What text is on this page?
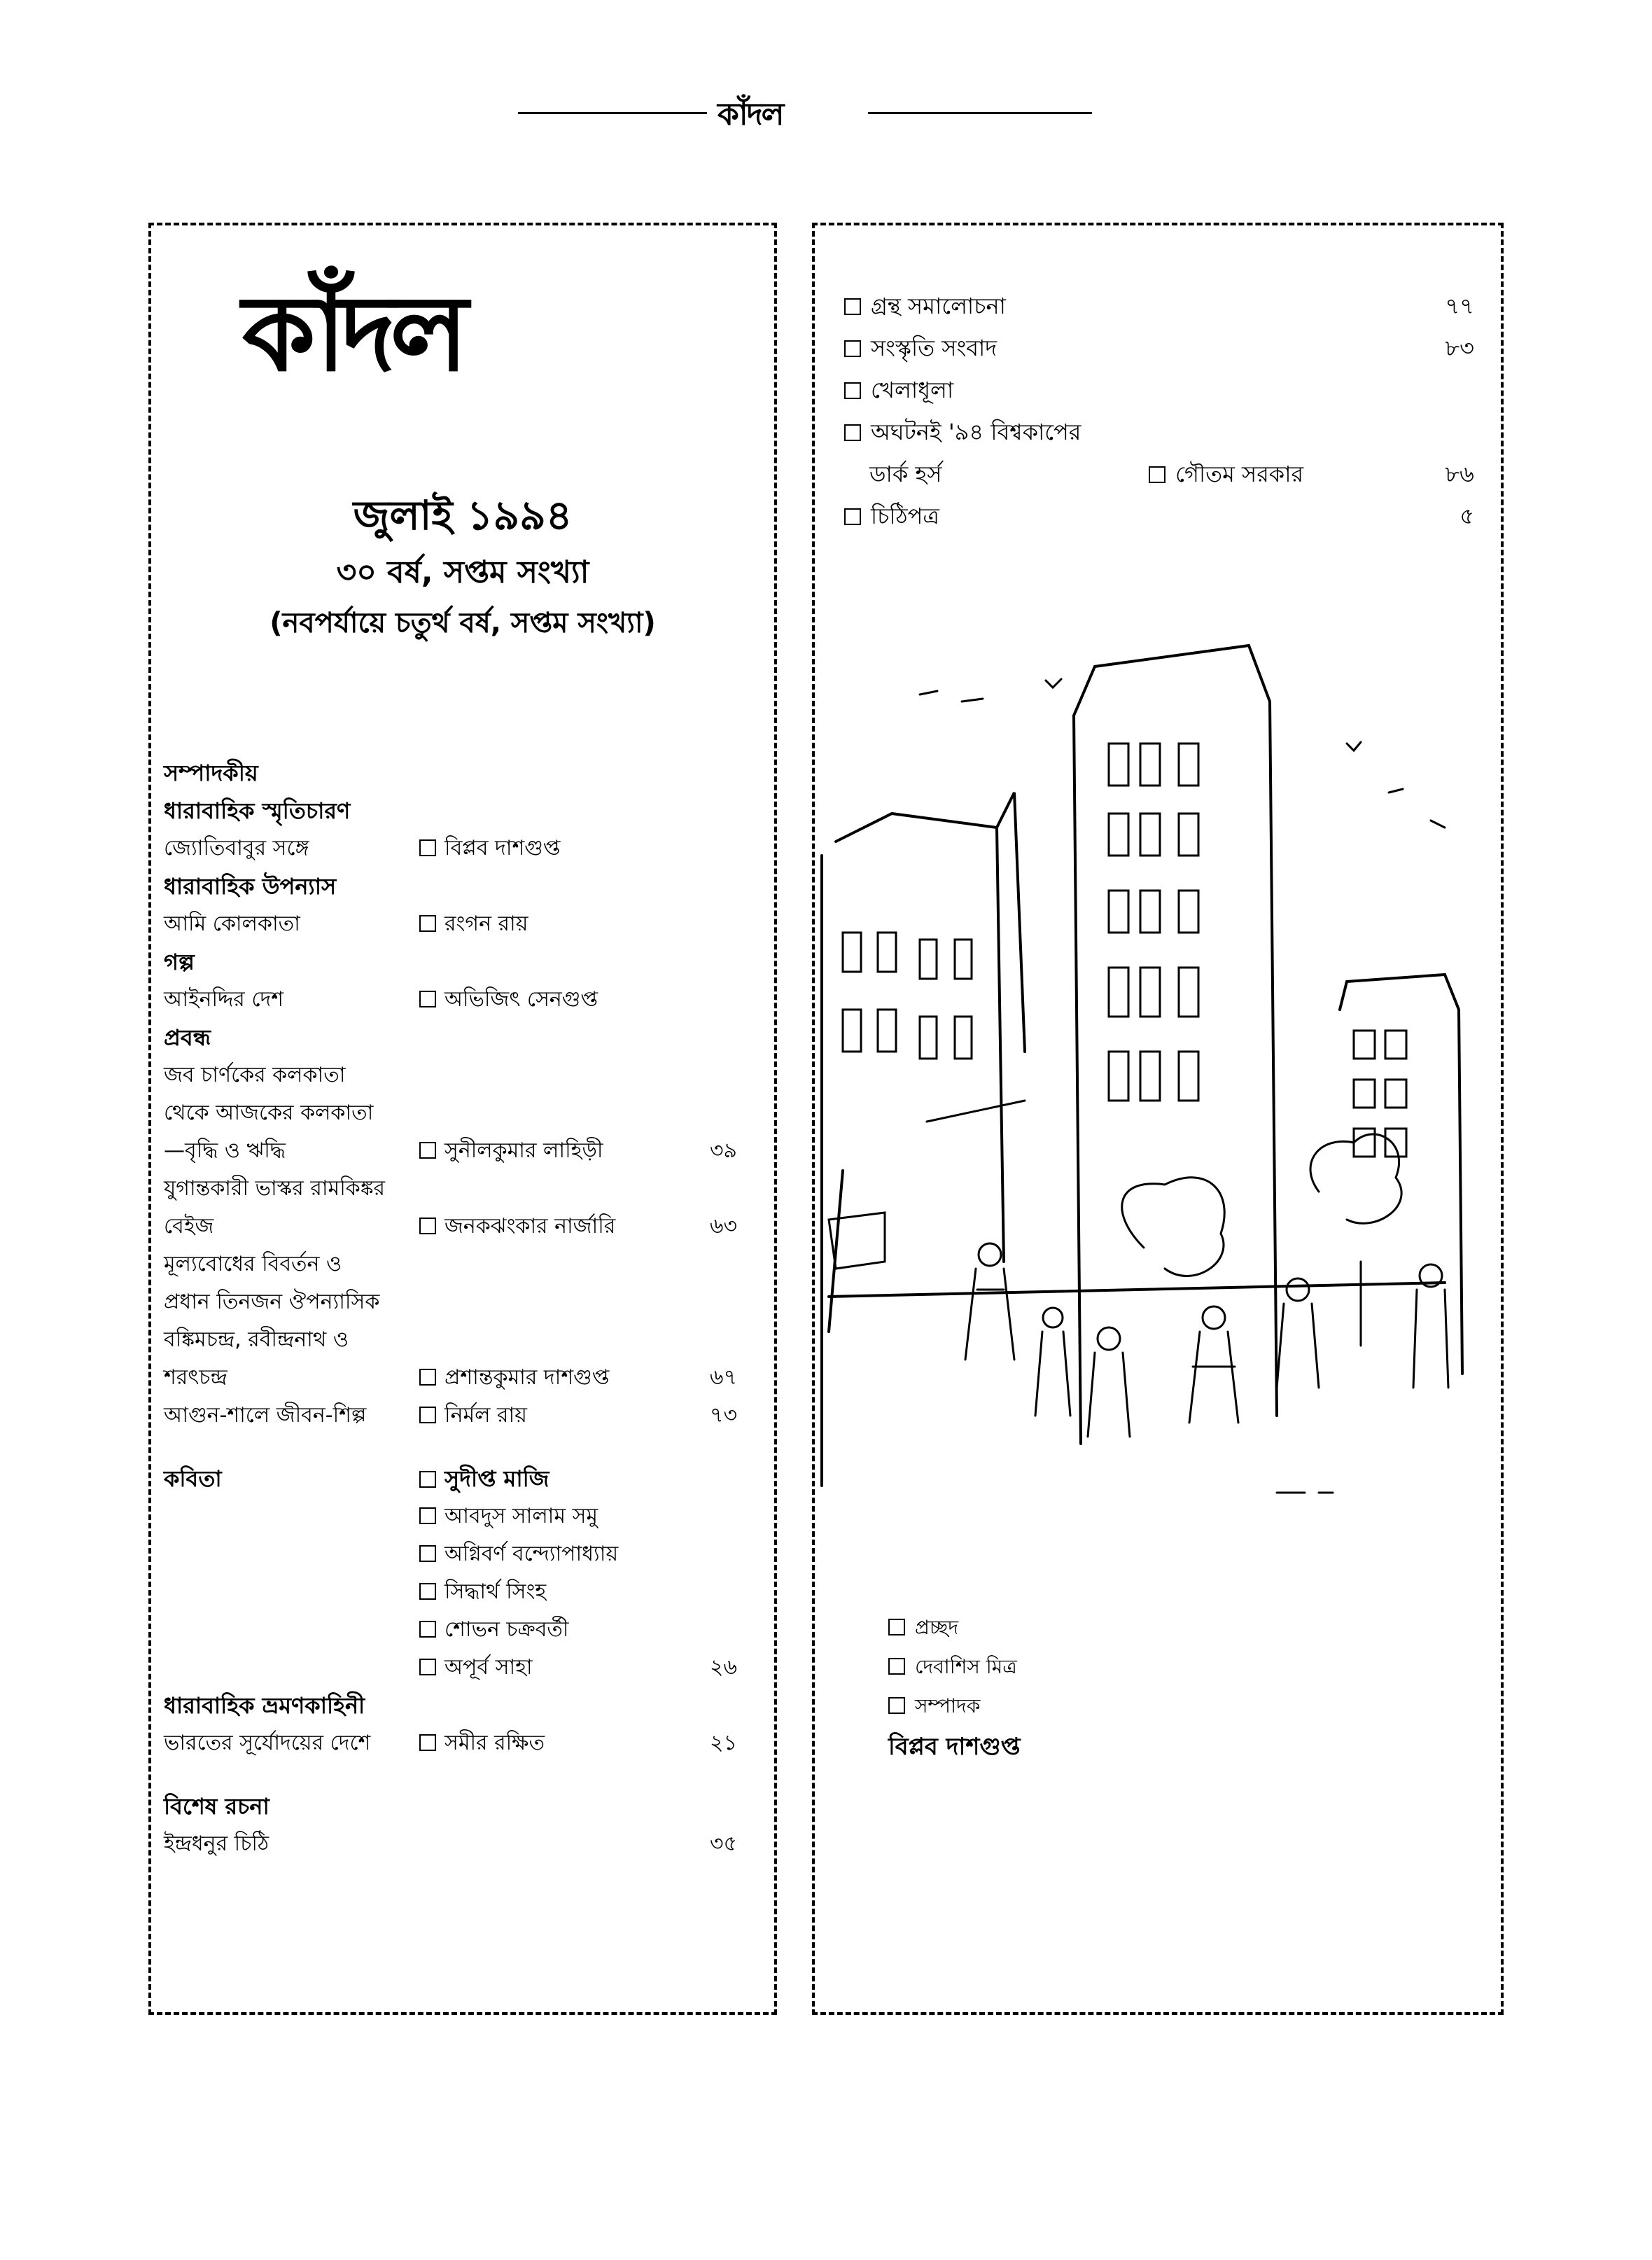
কাঁদল
কাঁদল
জুলাই ১৯৯৪
৩০ বর্ষ, সপ্তম সংখ্যা
(নবপর্যায়ে চতুর্থ বর্ষ, সপ্তম সংখ্যা)
সম্পাদকীয়
ধারাবাহিক স্মৃতিচারণ
জ্যোতিবাবুর সঙ্গে	বিপ্লব দাশগুপ্ত
ধারাবাহিক উপন্যাস
আমি কোলকাতা	রংগন রায়
গল্প
আইনদ্দির দেশ	অভিজিৎ সেনগুপ্ত
প্রবন্ধ
জব চার্ণকের কলকাতা
থেকে আজকের কলকাতা
—বৃদ্ধি ও ঋদ্ধি	সুনীলকুমার লাহিড়ী	৩৯
যুগান্তকারী ভাস্কর রামকিঙ্কর
বেইজ	জনকঝংকার নার্জারি	৬৩
মূল্যবোধের বিবর্তন ও
প্রধান তিনজন ঔপন্যাসিক
বঙ্কিমচন্দ্র, রবীন্দ্রনাথ ও
শরৎচন্দ্র	প্রশান্তকুমার দাশগুপ্ত	৬৭
আগুন-শালে জীবন-শিল্প	নির্মল রায়	৭৩
কবিতা	সুদীপ্ত মাজি
আবদুস সালাম সমু
অগ্নিবর্ণ বন্দ্যোপাধ্যায়
সিদ্ধার্থ সিংহ
শোভন চক্রবর্তী
অপূর্ব সাহা	২৬
ধারাবাহিক ভ্রমণকাহিনী
ভারতের সূর্যোদয়ের দেশে	সমীর রক্ষিত	২১
বিশেষ রচনা
ইন্দ্রধনুর চিঠি	৩৫
গ্রন্থ সমালোচনা	৭৭
সংস্কৃতি সংবাদ	৮৩
খেলাধূলা
অঘটনই '৯৪ বিশ্বকাপের
ডার্ক হর্স	গৌতম সরকার	৮৬
চিঠিপত্র	৫
প্রচ্ছদ
দেবাশিস মিত্র
সম্পাদক
বিপ্লব দাশগুপ্ত
